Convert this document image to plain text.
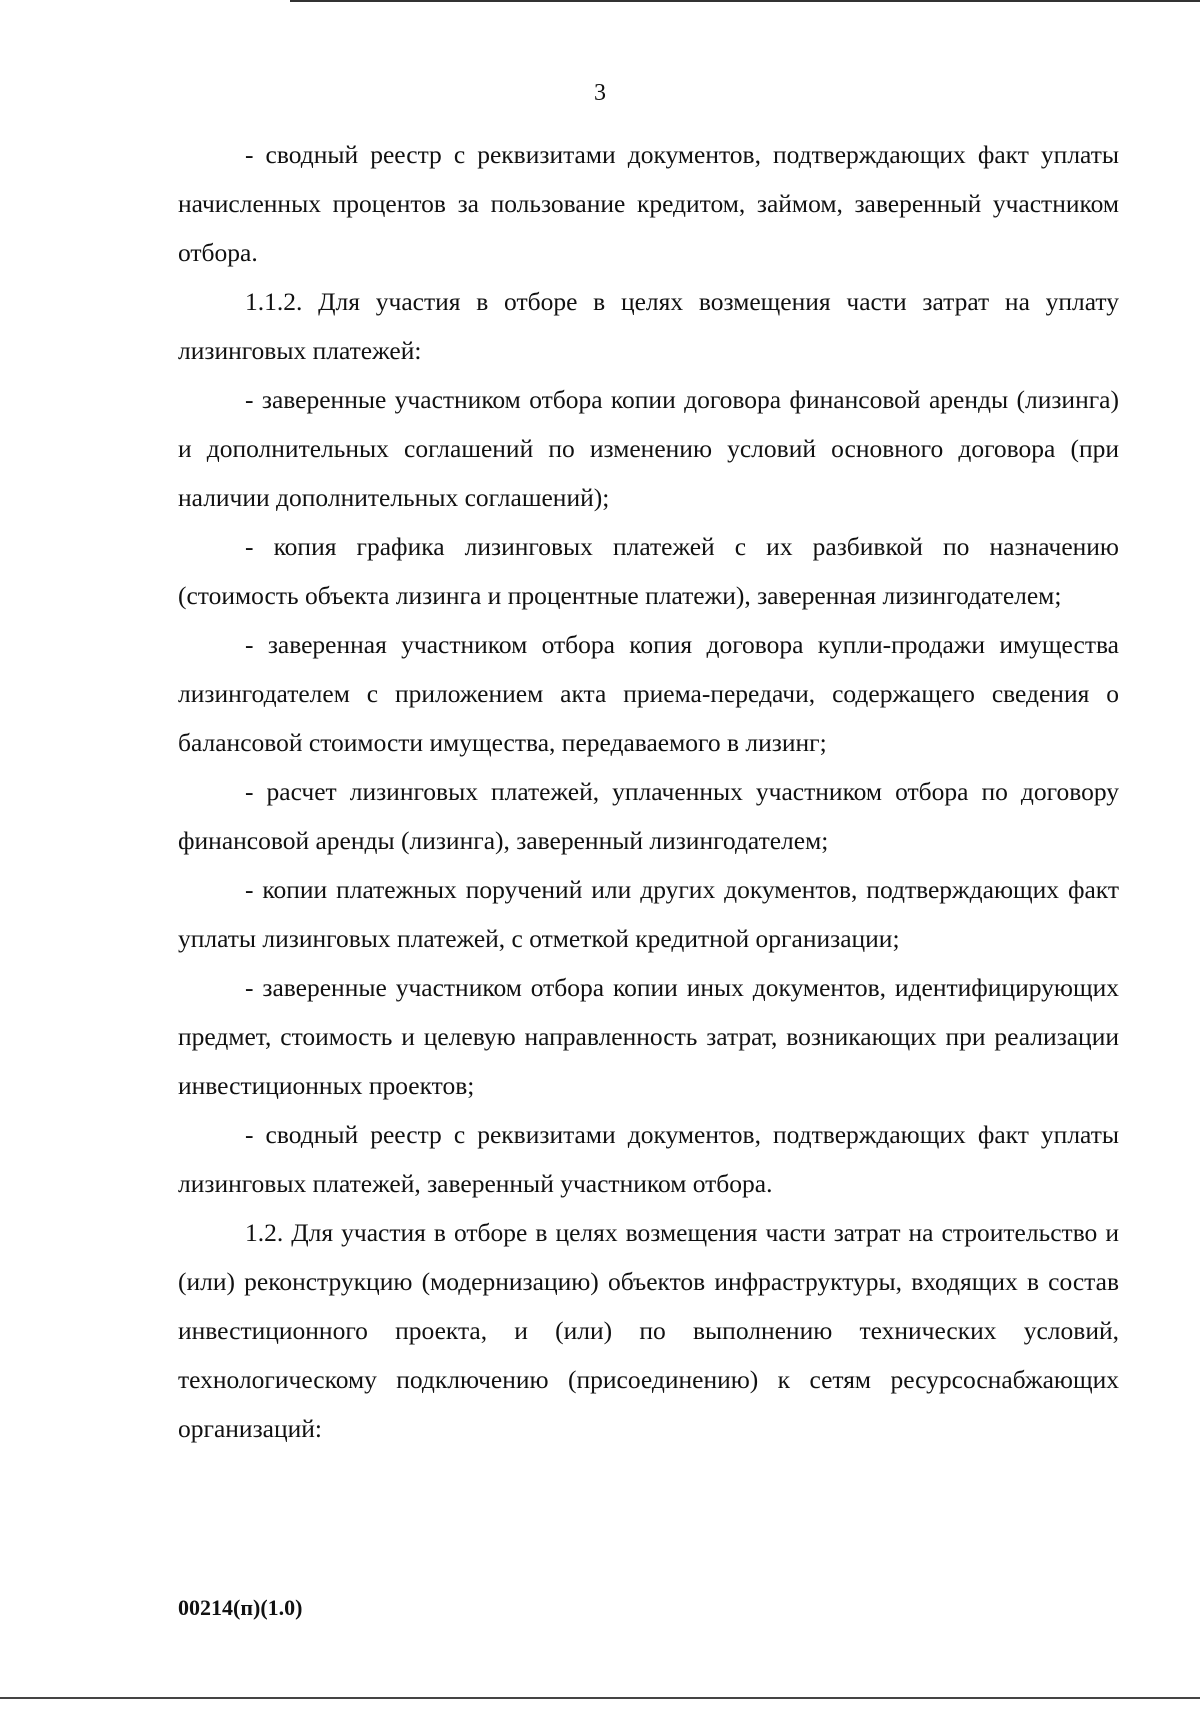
3

- сводный реестр с реквизитами документов, подтверждающих факт уплаты начисленных процентов за пользование кредитом, займом, заверенный участником отбора.

1.1.2. Для участия в отборе в целях возмещения части затрат на уплату лизинговых платежей:

- заверенные участником отбора копии договора финансовой аренды (лизинга) и дополнительных соглашений по изменению условий основного договора (при наличии дополнительных соглашений);

- копия графика лизинговых платежей с их разбивкой по назначению (стоимость объекта лизинга и процентные платежи), заверенная лизингодателем;

- заверенная участником отбора копия договора купли-продажи имущества лизингодателем с приложением акта приема-передачи, содержащего сведения о балансовой стоимости имущества, передаваемого в лизинг;

- расчет лизинговых платежей, уплаченных участником отбора по договору финансовой аренды (лизинга), заверенный лизингодателем;

- копии платежных поручений или других документов, подтверждающих факт уплаты лизинговых платежей, с отметкой кредитной организации;

- заверенные участником отбора копии иных документов, идентифицирующих предмет, стоимость и целевую направленность затрат, возникающих при реализации инвестиционных проектов;

- сводный реестр с реквизитами документов, подтверждающих факт уплаты лизинговых платежей, заверенный участником отбора.

1.2. Для участия в отборе в целях возмещения части затрат на строительство и (или) реконструкцию (модернизацию) объектов инфраструктуры, входящих в состав инвестиционного проекта, и (или) по выполнению технических условий, технологическому подключению (присоединению) к сетям ресурсоснабжающих организаций:

00214(п)(1.0)
